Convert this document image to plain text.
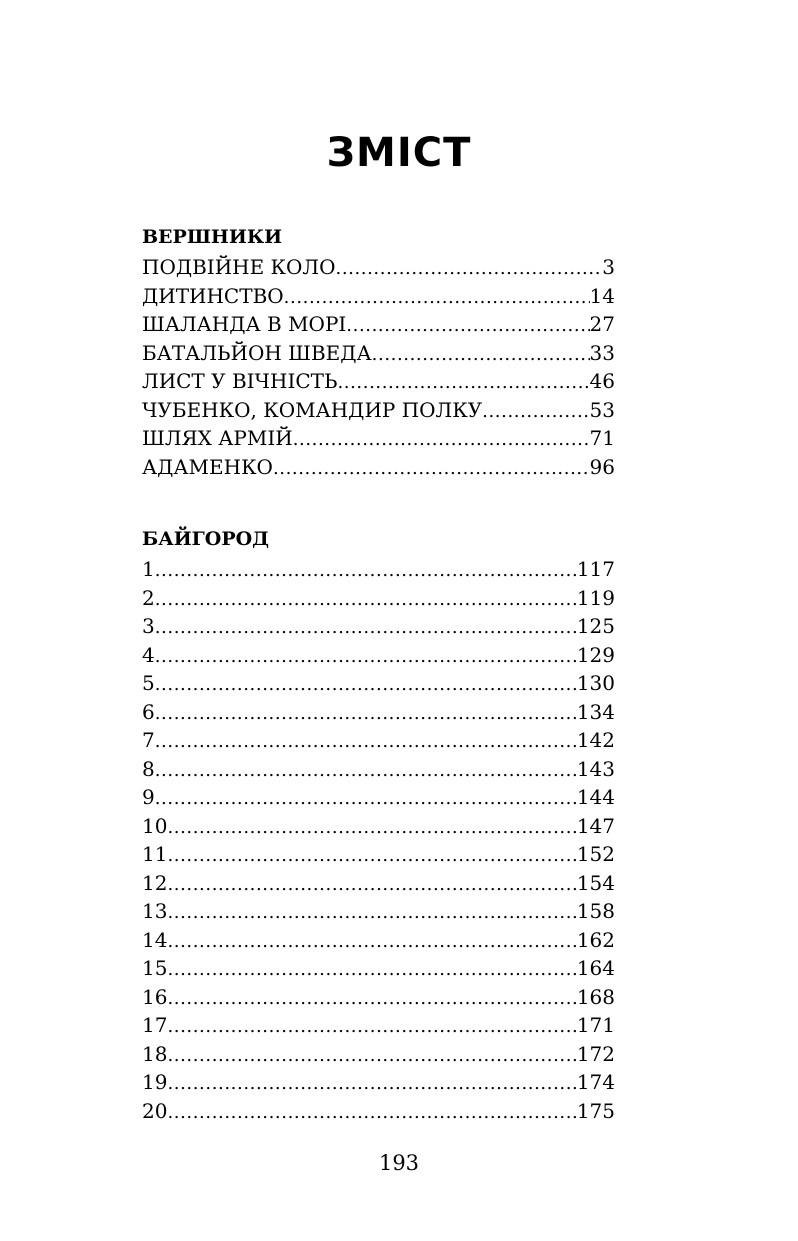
ЗМІСТ
ВЕРШНИКИ
ПОДВІЙНЕ КОЛО .....	3
ДИТИНСТВО .....	14
ШАЛАНДА В МОРІ .....	27
БАТАЛЬЙОН ШВЕДА .....	33
ЛИСТ У ВІЧНІСТЬ .....	46
ЧУБЕНКО, КОМАНДИР ПОЛКУ .....	53
ШЛЯХ АРМІЙ .....	71
АДАМЕНКО .....	96
БАЙГОРОД
1 .....	117
2 .....	119
3 .....	125
4 .....	129
5 .....	130
6 .....	134
7 .....	142
8 .....	143
9 .....	144
10 .....	147
11 .....	152
12 .....	154
13 .....	158
14 .....	162
15 .....	164
16 .....	168
17 .....	171
18 .....	172
19 .....	174
20 .....	175
193
